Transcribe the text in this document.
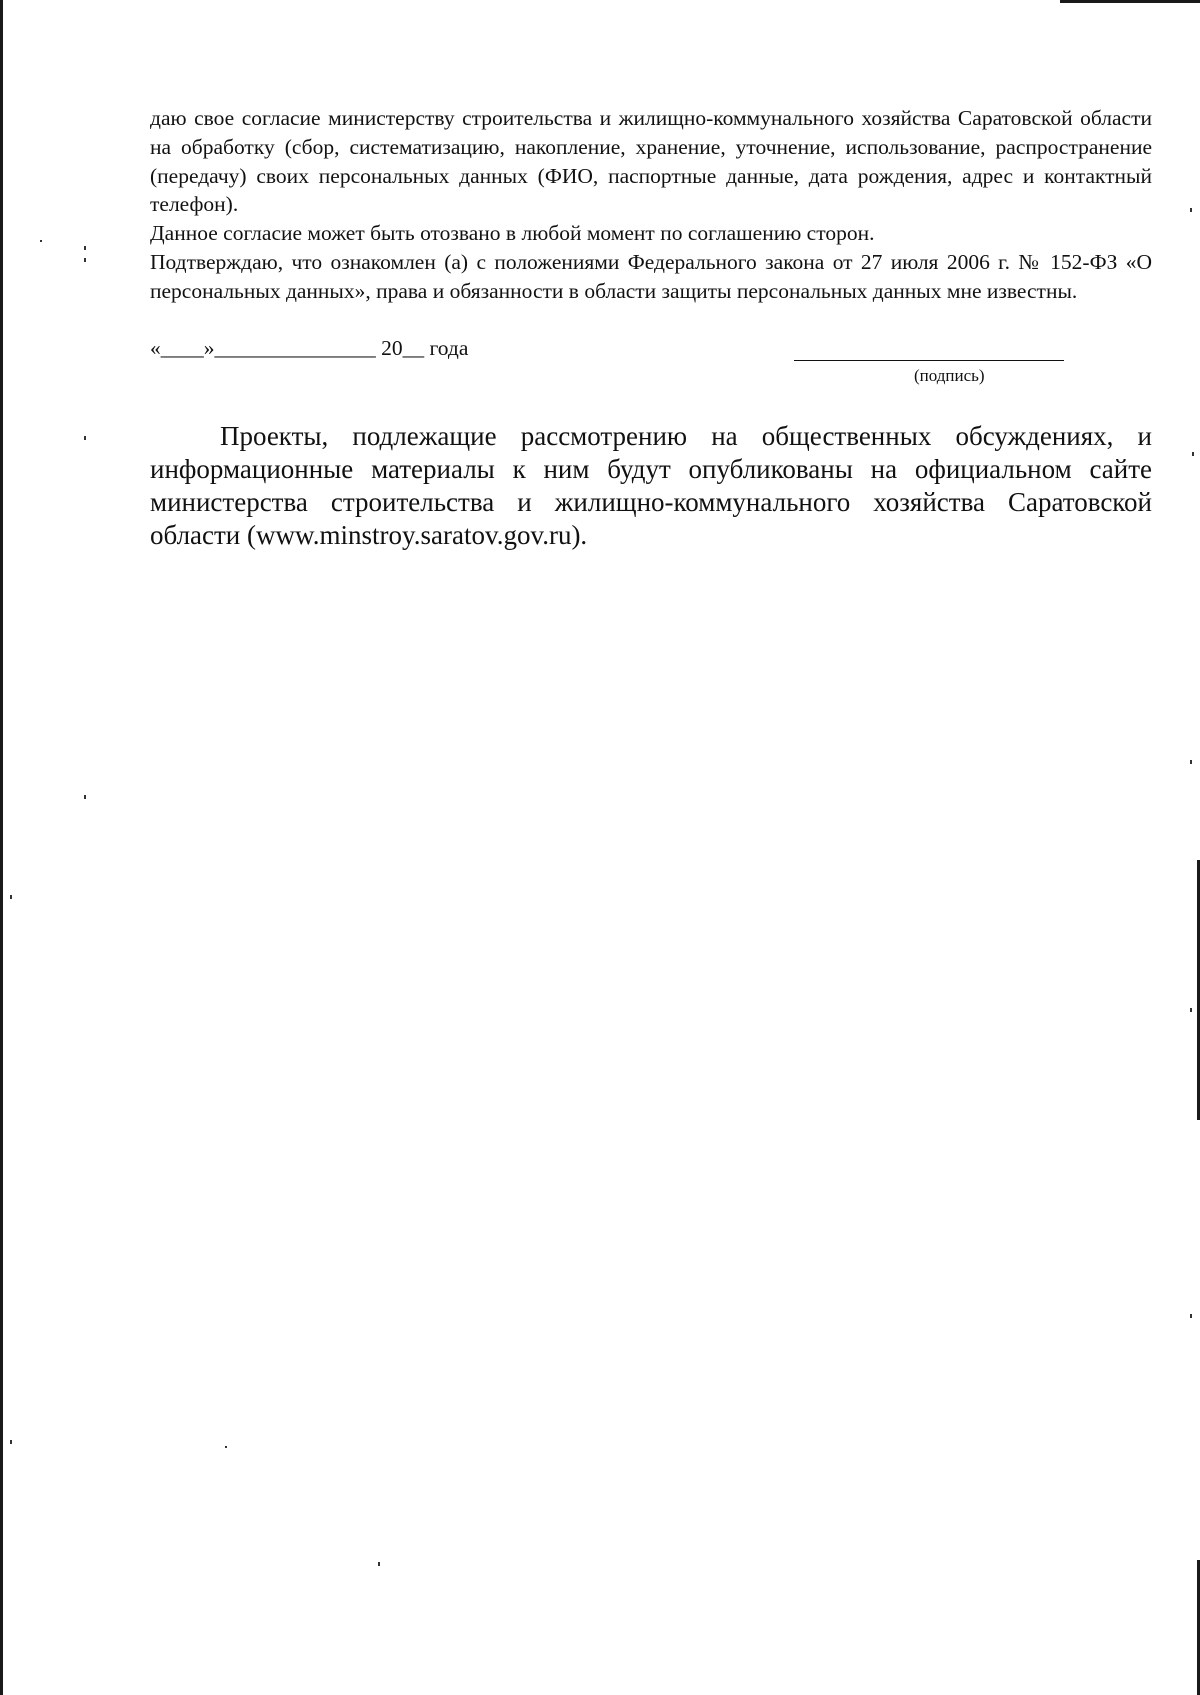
даю свое согласие министерству строительства и жилищно-коммунального хозяйства Саратовской области на обработку (сбор, систематизацию, накопление, хранение, уточнение, использование, распространение (передачу) своих персональных данных (ФИО, паспортные данные, дата рождения, адрес и контактный телефон).

Данное согласие может быть отозвано в любой момент по соглашению сторон.

Подтверждаю, что ознакомлен (а) с положениями Федерального закона от 27 июля 2006 г. № 152-ФЗ «О персональных данных», права и обязанности в области защиты персональных данных мне известны.

«____»_______________ 20__ года
(подпись)

Проекты, подлежащие рассмотрению на общественных обсуждениях, и информационные материалы к ним будут опубликованы на официальном сайте министерства строительства и жилищно-коммунального хозяйства Саратовской области (www.minstroy.saratov.gov.ru).
